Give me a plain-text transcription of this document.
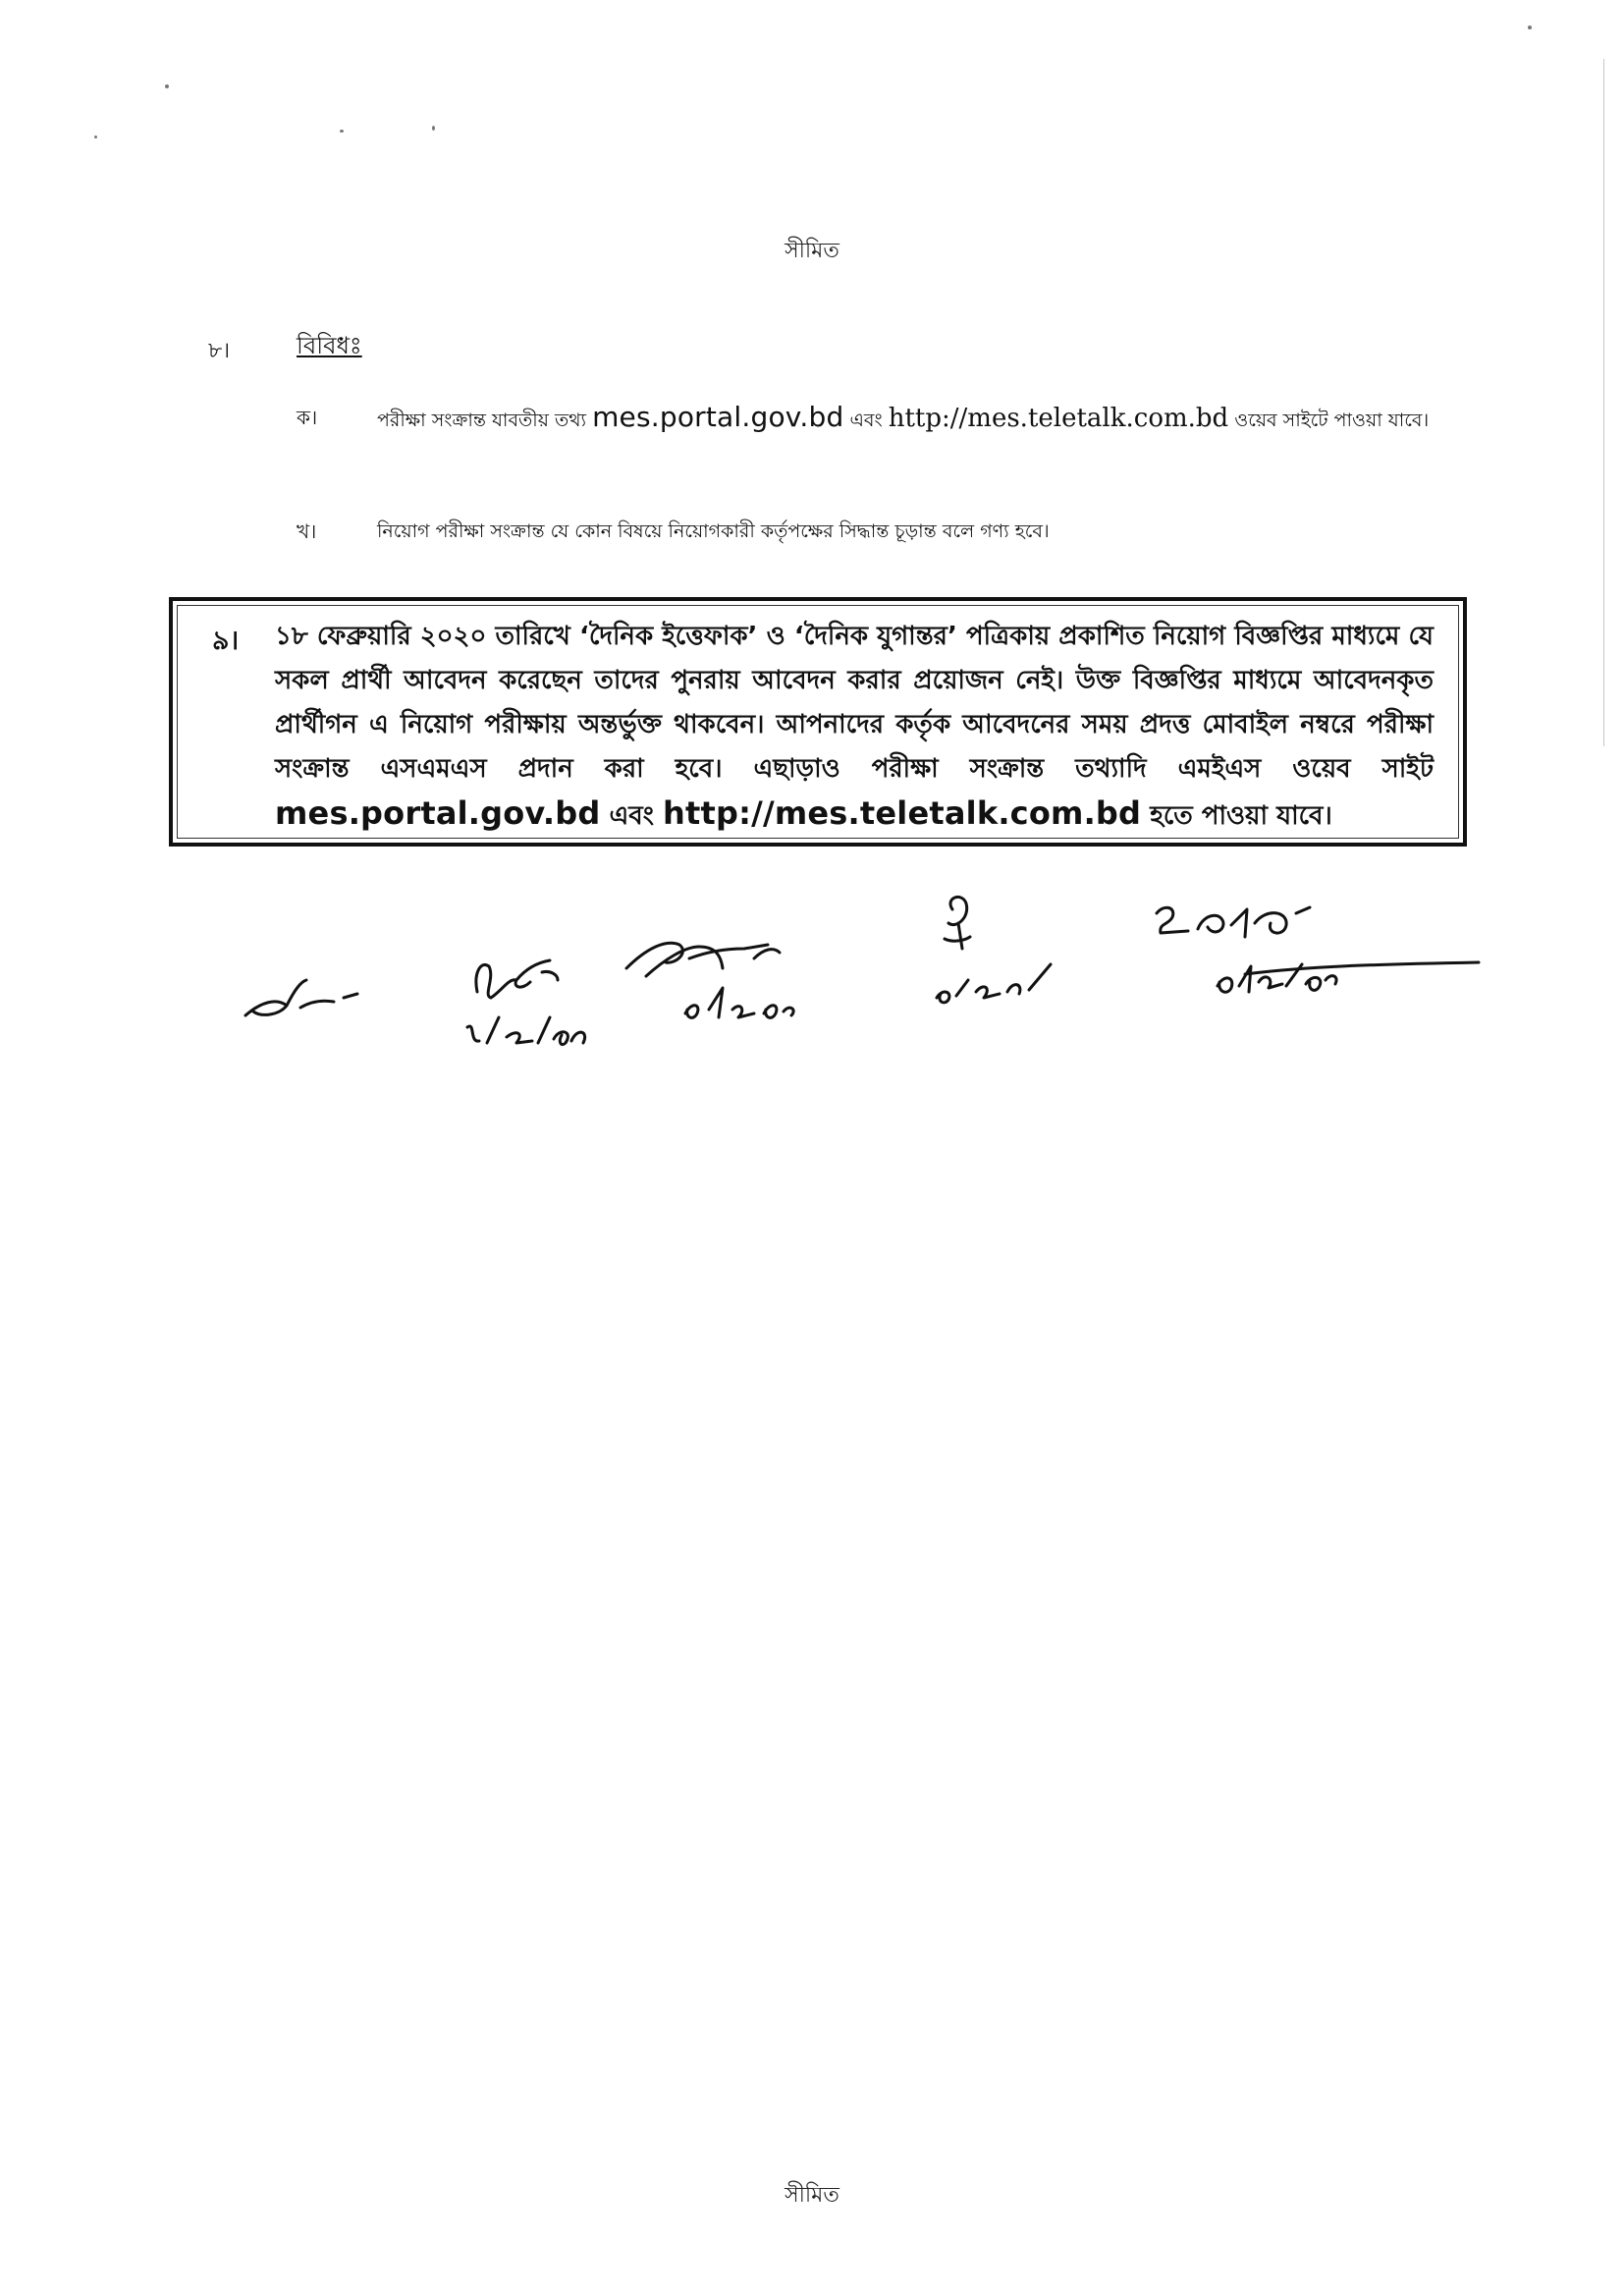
সীমিত
৮।	বিবিধঃ
ক।	পরীক্ষা সংক্রান্ত যাবতীয় তথ্য mes.portal.gov.bd এবং http://mes.teletalk.com.bd ওয়েব সাইটে পাওয়া যাবে।
খ।	নিয়োগ পরীক্ষা সংক্রান্ত যে কোন বিষয়ে নিয়োগকারী কর্তৃপক্ষের সিদ্ধান্ত চূড়ান্ত বলে গণ্য হবে।
৯। ১৮ ফেব্রুয়ারি ২০২০ তারিখে ‘দৈনিক ইত্তেফাক’ ও ‘দৈনিক যুগান্তর’ পত্রিকায় প্রকাশিত নিয়োগ বিজ্ঞপ্তির মাধ্যমে যে সকল প্রার্থী আবেদন করেছেন তাদের পুনরায় আবেদন করার প্রয়োজন নেই। উক্ত বিজ্ঞপ্তির মাধ্যমে আবেদনকৃত প্রার্থীগন এ নিয়োগ পরীক্ষায় অন্তর্ভুক্ত থাকবেন। আপনাদের কর্তৃক আবেদনের সময় প্রদত্ত মোবাইল নম্বরে পরীক্ষা সংক্রান্ত এসএমএস প্রদান করা হবে। এছাড়াও পরীক্ষা সংক্রান্ত তথ্যাদি এমইএস ওয়েব সাইট mes.portal.gov.bd এবং http://mes.teletalk.com.bd হতে পাওয়া যাবে।
সীমিত
